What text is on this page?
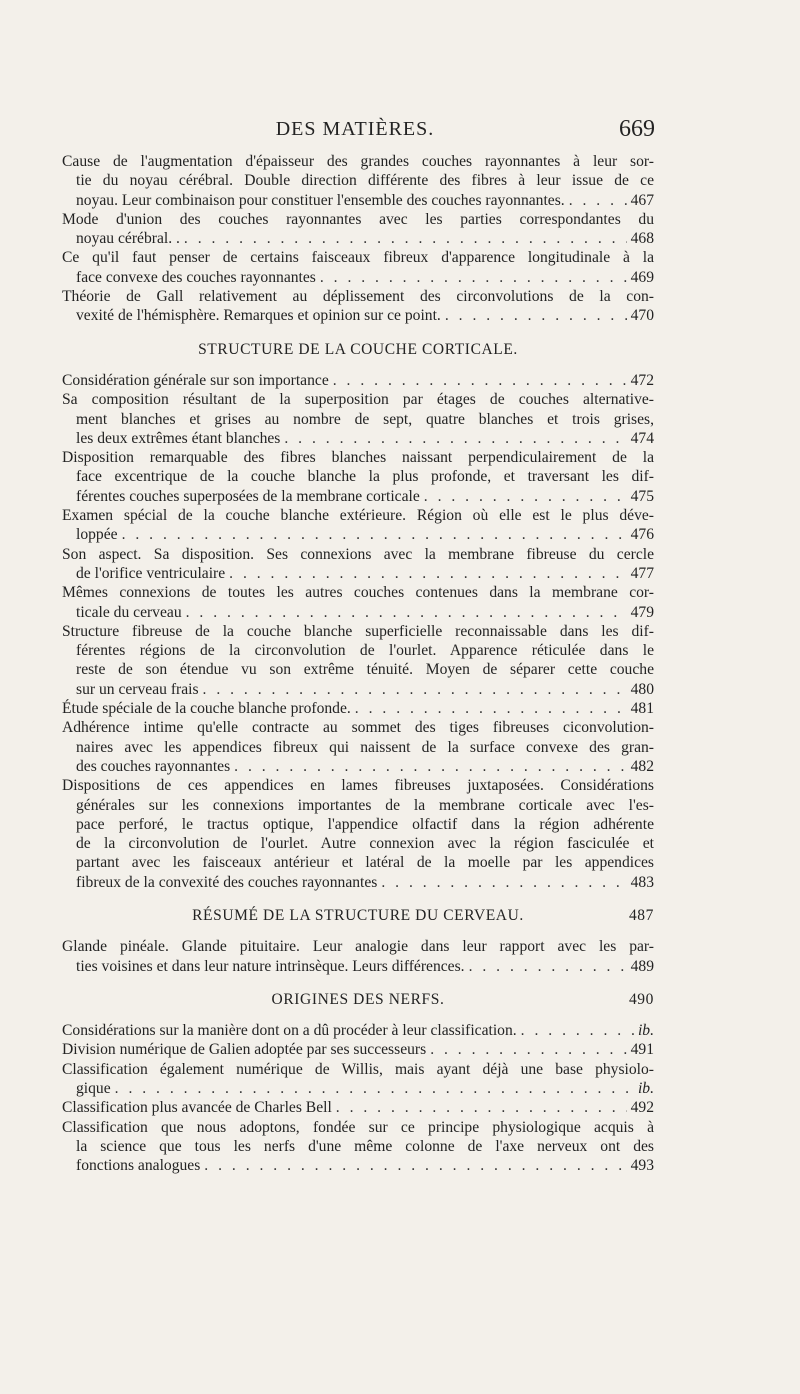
DES MATIÈRES.	669
Cause de l'augmentation d'épaisseur des grandes couches rayonnantes à leur sor-
tie du noyau cérébral. Double direction différente des fibres à leur issue de ce
noyau. Leur combinaison pour constituer l'ensemble des couches rayonnantes. . . .	467
Mode d'union des couches rayonnantes avec les parties correspondantes du
noyau cérébral. . . . .	468
Ce qu'il faut penser de certains faisceaux fibreux d'apparence longitudinale à la
face convexe des couches rayonnantes . . .	469
Théorie de Gall relativement au déplissement des circonvolutions de la con-
vexité de l'hémisphère. Remarques et opinion sur ce point. . . .	470
STRUCTURE DE LA COUCHE CORTICALE.
Considération générale sur son importance . . .	472
Sa composition résultant de la superposition par étages de couches alternative-
ment blanches et grises au nombre de sept, quatre blanches et trois grises,
les deux extrêmes étant blanches . . .	474
Disposition remarquable des fibres blanches naissant perpendiculairement de la
face excentrique de la couche blanche la plus profonde, et traversant les dif-
férentes couches superposées de la membrane corticale . . .	475
Examen spécial de la couche blanche extérieure. Région où elle est le plus déve-
loppée . . .	476
Son aspect. Sa disposition. Ses connexions avec la membrane fibreuse du cercle
de l'orifice ventriculaire . . .	477
Mêmes connexions de toutes les autres couches contenues dans la membrane cor-
ticale du cerveau . . .	479
Structure fibreuse de la couche blanche superficielle reconnaissable dans les dif-
férentes régions de la circonvolution de l'ourlet. Apparence réticulée dans le
reste de son étendue vu son extrême ténuité. Moyen de séparer cette couche
sur un cerveau frais . . .	480
Étude spéciale de la couche blanche profonde. . . .	481
Adhérence intime qu'elle contracte au sommet des tiges fibreuses ciconvolution-
naires avec les appendices fibreux qui naissent de la surface convexe des gran-
des couches rayonnantes . . .	482
Dispositions de ces appendices en lames fibreuses juxtaposées. Considérations
générales sur les connexions importantes de la membrane corticale avec l'es-
pace perforé, le tractus optique, l'appendice olfactif dans la région adhérente
de la circonvolution de l'ourlet. Autre connexion avec la région fasciculée et
partant avec les faisceaux antérieur et latéral de la moelle par les appendices
fibreux de la convexité des couches rayonnantes . . .	483
RÉSUMÉ DE LA STRUCTURE DU CERVEAU.	487
Glande pinéale. Glande pituitaire. Leur analogie dans leur rapport avec les par-
ties voisines et dans leur nature intrinsèque. Leurs différences. . . .	489
ORIGINES DES NERFS.	490
Considérations sur la manière dont on a dû procéder à leur classification. . . .	ib.
Division numérique de Galien adoptée par ses successeurs . . .	491
Classification également numérique de Willis, mais ayant déjà une base physiolo-
gique . . .	ib.
Classification plus avancée de Charles Bell . . .	492
Classification que nous adoptons, fondée sur ce principe physiologique acquis à
la science que tous les nerfs d'une même colonne de l'axe nerveux ont des
fonctions analogues . . .	493
